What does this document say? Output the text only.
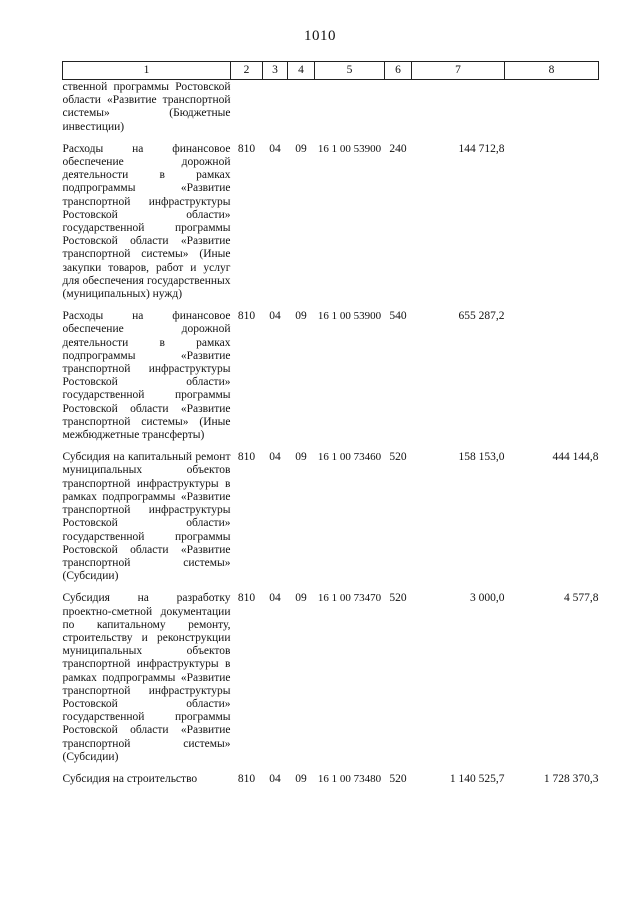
1010
1	2	3	4	5	6	7	8
ственной программы Ростовской области «Развитие транспортной системы» (Бюджетные инвестиции)							
Расходы на финансовое обеспечение дорожной деятельности в рамках подпрограммы «Развитие транспортной инфраструктуры Ростовской области» государственной программы Ростовской области «Развитие транспортной системы» (Иные закупки товаров, работ и услуг для обеспечения государственных (муниципальных) нужд)	810	04	09	16 1 00 53900	240	144 712,8	
Расходы на финансовое обеспечение дорожной деятельности в рамках подпрограммы «Развитие транспортной инфраструктуры Ростовской области» государственной программы Ростовской области «Развитие транспортной системы» (Иные межбюджетные трансферты)	810	04	09	16 1 00 53900	540	655 287,2	
Субсидия на капитальный ремонт муниципальных объектов транспортной инфраструктуры в рамках подпрограммы «Развитие транспортной инфраструктуры Ростовской области» государственной программы Ростовской области «Развитие транспортной системы» (Субсидии)	810	04	09	16 1 00 73460	520	158 153,0	444 144,8
Субсидия на разработку проектно-сметной документации по капитальному ремонту, строительству и реконструкции муниципальных объектов транспортной инфраструктуры в рамках подпрограммы «Развитие транспортной инфраструктуры Ростовской области» государственной программы Ростовской области «Развитие транспортной системы» (Субсидии)	810	04	09	16 1 00 73470	520	3 000,0	4 577,8
Субсидия на строительство	810	04	09	16 1 00 73480	520	1 140 525,7	1 728 370,3
